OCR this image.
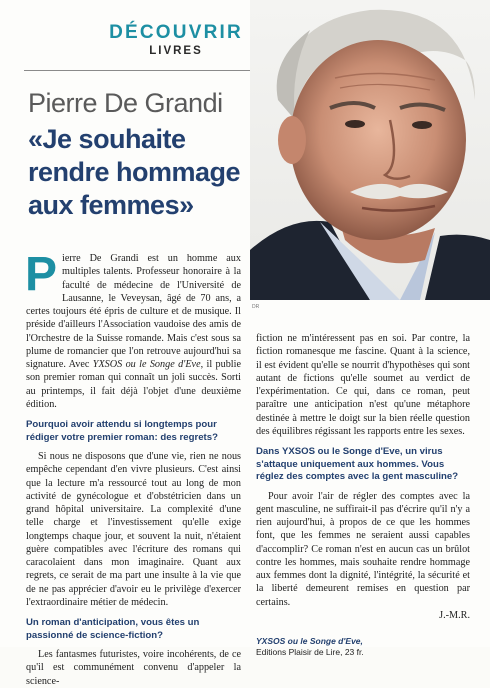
DÉCOUVRIR
LIVRES
Pierre De Grandi
«Je souhaite rendre hommage aux femmes»
DR

Pierre De Grandi est un homme aux multiples talents. Professeur honoraire à la faculté de médecine de l'Université de Lausanne, le Veveysan, âgé de 70 ans, a certes toujours été épris de culture et de musique. Il préside d'ailleurs l'Association vaudoise des amis de l'Orchestre de la Suisse romande. Mais c'est sous sa plume de romancier que l'on retrouve aujourd'hui sa signature. Avec YXSOS ou le Songe d'Eve, il publie son premier roman qui connaît un joli succès. Sorti au printemps, il fait déjà l'objet d'une deuxième édition.

Pourquoi avoir attendu si longtemps pour rédiger votre premier roman: des regrets?

Si nous ne disposons que d'une vie, rien ne nous empêche cependant d'en vivre plusieurs. C'est ainsi que la lecture m'a ressourcé tout au long de mon activité de gynécologue et d'obstétricien dans un grand hôpital universitaire. La complexité d'une telle charge et l'investissement qu'elle exige longtemps chaque jour, et souvent la nuit, n'étaient guère compatibles avec l'écriture des romans qui caracolaient dans mon imaginaire. Quant aux regrets, ce serait de ma part une insulte à la vie que de ne pas apprécier d'avoir eu le privilège d'exercer l'extraordinaire métier de médecin.

Un roman d'anticipation, vous êtes un passionné de science-fiction?

Les fantasmes futuristes, voire incohérents, de ce qu'il est communément convenu d'appeler la science-

fiction ne m'intéressent pas en soi. Par contre, la fiction romanesque me fascine. Quant à la science, il est évident qu'elle se nourrit d'hypothèses qui sont autant de fictions qu'elle soumet au verdict de l'expérimentation. Ce qui, dans ce roman, peut paraître une anticipation n'est qu'une métaphore destinée à mettre le doigt sur la bien réelle question des équilibres régissant les rapports entre les sexes.

Dans YXSOS ou le Songe d'Eve, un virus s'attaque uniquement aux hommes. Vous réglez des comptes avec la gent masculine?

Pour avoir l'air de régler des comptes avec la gent masculine, ne suffirait-il pas d'écrire qu'il n'y a rien aujourd'hui, à propos de ce que les hommes font, que les femmes ne seraient aussi capables d'accomplir? Ce roman n'est en aucun cas un brûlot contre les hommes, mais souhaite rendre hommage aux femmes dont la dignité, l'intégrité, la sécurité et la liberté demeurent remises en question par certains.

J.-M.R.

YXSOS ou le Songe d'Eve,
Editions Plaisir de Lire, 23 fr.
